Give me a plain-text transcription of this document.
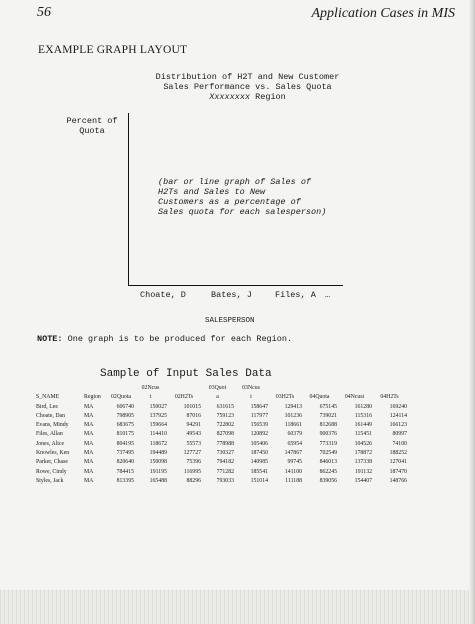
56	Application Cases in MIS
EXAMPLE GRAPH LAYOUT
Distribution of H2T and New Customer
Sales Performance vs. Sales Quota
Xxxxxxxx Region
Percent of
Quota
(bar or line graph of Sales of
H2Ts and Sales to New
Customers as a percentage of
Sales quota for each salesperson)
Choate, D	Bates, J	Files, A …
SALESPERSON
NOTE: One graph is to be produced for each Region.
Sample of Input Sales Data
			02Ncus		03Quot	03Ncus				
S_NAME	Region	02Quota	t	02H2Ts	a	t	03H2Ts	04Quota	04Ncust	04H2Ts
Bird, Lee	MA	606740	150027	101015	631615	158647	129413	675145	161280	169240
Choate, Dan	MA	798905	137925	87016	759123	117977	101236	739021	115316	124114
Evans, Mindy	MA	683675	159664	94291	722802	156539	118661	812688	161449	166123
Files, Allan	MA	810175	114410	49543	827098	120892	60379	900376	115451	80997
Jones, Alice	MA	804195	118672	55573	778988	105406	65954	773319	104526	74100
Knowles, Ken	MA	737495	194489	127727	730327	187450	147867	702549	178872	188252
Parker, Chase	MA	820640	150098	75396	794182	140985	99745	846013	137338	127041
Rowe, Cindy	MA	784415	191195	116995	771282	185541	141100	862245	191132	187470
Styles, Jack	MA	813395	165488	88296	793033	151014	111188	839056	154407	148766
